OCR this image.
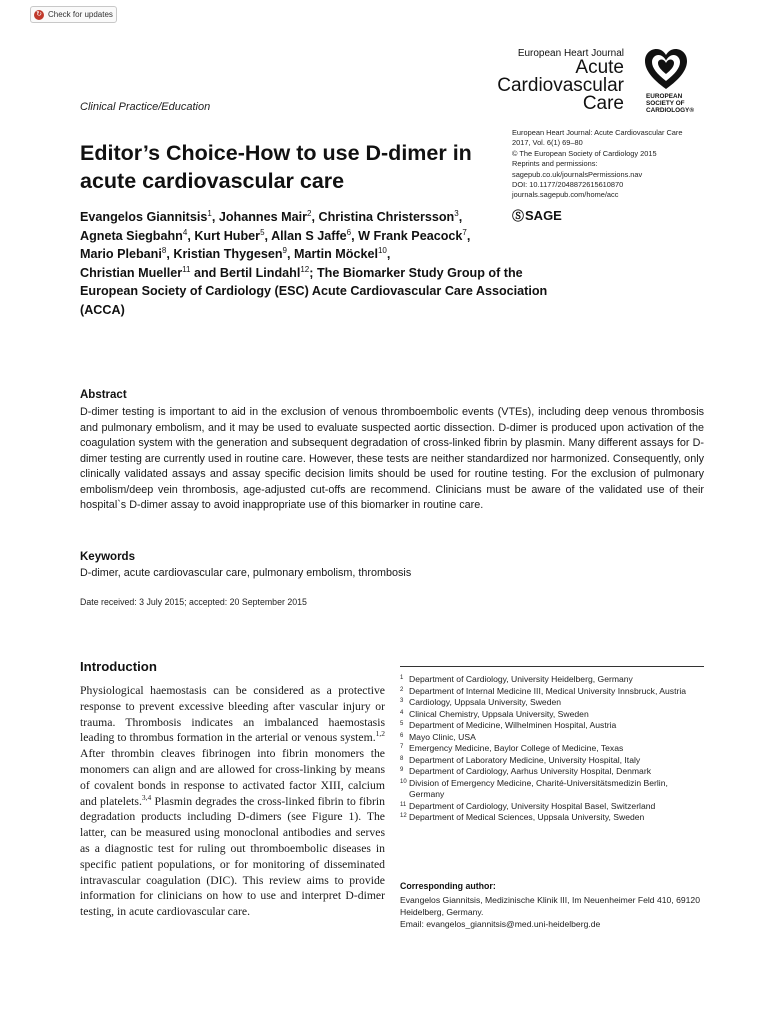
↻ Check for updates
Clinical Practice/Education
Editor’s Choice-How to use D-dimer in acute cardiovascular care
European Heart Journal
Acute
Cardiovascular
Care	EUROPEAN
SOCIETY OF
CARDIOLOGY®
European Heart Journal: Acute Cardiovascular Care
2017, Vol. 6(1) 69–80
© The European Society of Cardiology 2015
Reprints and permissions:
sagepub.co.uk/journalsPermissions.nav
DOI: 10.1177/2048872615610870
journals.sagepub.com/home/acc
Ⓢ SAGE

Evangelos Giannitsis$^1$, Johannes Mair$^2$, Christina Christersson$^3$,
Agneta Siegbahn$^4$, Kurt Huber$^5$, Allan S Jaffe$^6$, W Frank Peacock$^7$,
Mario Plebani$^8$, Kristian Thygesen$^9$, Martin Möckel$^{10}$,
Christian Mueller$^{11}$ and Bertil Lindahl$^{12}$; The Biomarker Study Group of the European Society of Cardiology (ESC) Acute Cardiovascular Care Association (ACCA)

Abstract

D-dimer testing is important to aid in the exclusion of venous thromboembolic events (VTEs), including deep venous thrombosis and pulmonary embolism, and it may be used to evaluate suspected aortic dissection. D-dimer is produced upon activation of the coagulation system with the generation and subsequent degradation of cross-linked fibrin by plasmin. Many different assays for D-dimer testing are currently used in routine care. However, these tests are neither standardized nor harmonized. Consequently, only clinically validated assays and assay specific decision limits should be used for routine testing. For the exclusion of pulmonary embolism/deep vein thrombosis, age-adjusted cut-offs are recommend. Clinicians must be aware of the validated use of their hospital`s D-dimer assay to avoid inappropriate use of this biomarker in routine care.

Keywords
D-dimer, acute cardiovascular care, pulmonary embolism, thrombosis
Date received: 3 July 2015; accepted: 20 September 2015
Introduction

Physiological haemostasis can be considered as a protective response to prevent excessive bleeding after vascular injury or trauma. Thrombosis indicates an imbalanced haemostasis leading to thrombus formation in the arterial or venous system.$^{1,2}$ After thrombin cleaves fibrinogen into fibrin monomers the monomers can align and are allowed for cross-linking by means of covalent bonds in response to activated factor XIII, calcium and platelets.$^{3,4}$ Plasmin degrades the cross-linked fibrin to fibrin degradation products including D-dimers (see Figure 1). The latter, can be measured using monoclonal antibodies and serves as a diagnostic test for ruling out thromboembolic diseases in specific patient populations, or for monitoring of disseminated intravascular coagulation (DIC). This review aims to provide information for clinicians on how to use and interpret D-dimer testing, in acute cardiovascular care.

1 Department of Cardiology, University Heidelberg, Germany
2 Department of Internal Medicine III, Medical University Innsbruck, Austria
3 Cardiology, Uppsala University, Sweden
4 Clinical Chemistry, Uppsala University, Sweden
5 Department of Medicine, Wilhelminen Hospital, Austria
6 Mayo Clinic, USA
7 Emergency Medicine, Baylor College of Medicine, Texas
8 Department of Laboratory Medicine, University Hospital, Italy
9 Department of Cardiology, Aarhus University Hospital, Denmark
10 Division of Emergency Medicine, Charité-Universitätsmedizin Berlin, Germany
11 Department of Cardiology, University Hospital Basel, Switzerland
12 Department of Medical Sciences, Uppsala University, Sweden
Corresponding author:

Evangelos Giannitsis, Medizinische Klinik III, Im Neuenheimer Feld 410, 69120 Heidelberg, Germany.
Email: evangelos_giannitsis@med.uni-heidelberg.de
